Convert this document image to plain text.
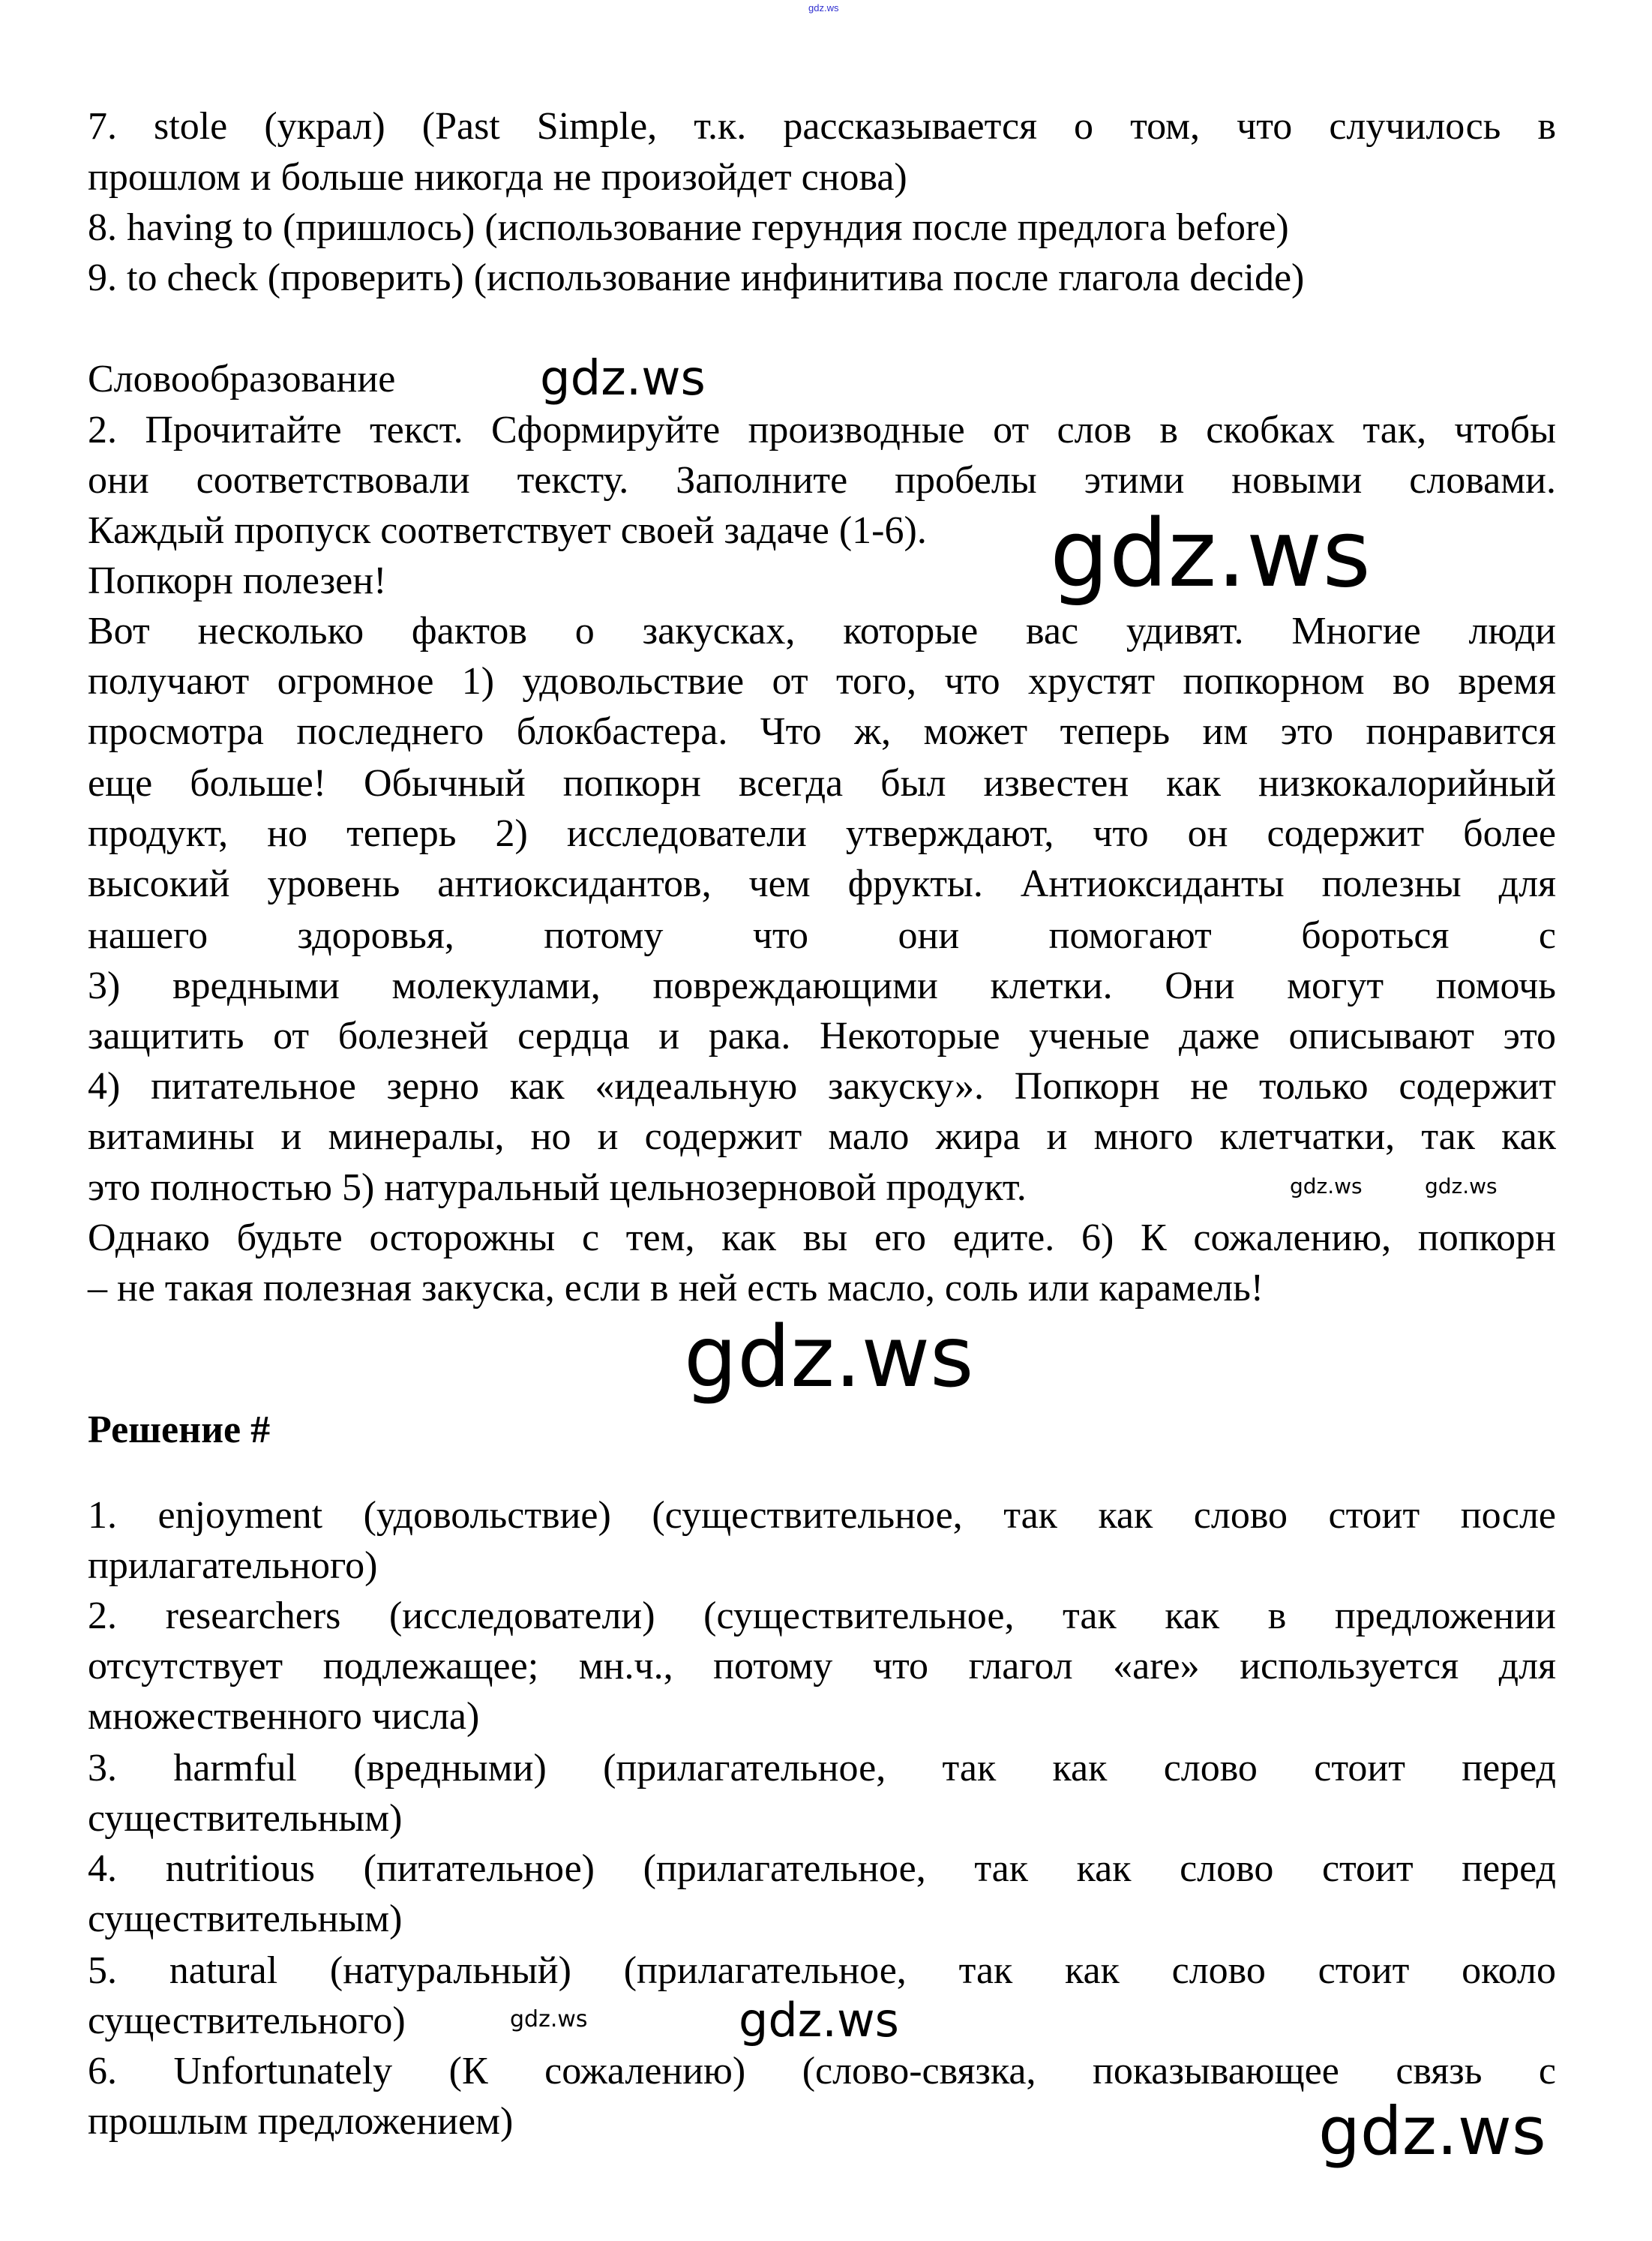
gdz.ws
7. stole (украл) (Past Simple, т.к. рассказывается о том, что случилось в
прошлом и больше никогда не произойдет снова)
8. having to (пришлось) (использование герундия после предлога before)
9. to check (проверить) (использование инфинитива после глагола decide)
Словообразование	gdz.ws
2. Прочитайте текст. Сформируйте производные от слов в скобках так, чтобы
они соответствовали тексту. Заполните пробелы этими новыми словами.
Каждый пропуск соответствует своей задаче (1-6). gdz.ws
Попкорн полезен!
Вот несколько фактов о закусках, которые вас удивят. Многие люди
получают огромное 1) удовольствие от того, что хрустят попкорном во время
просмотра последнего блокбастера. Что ж, может теперь им это понравится
еще больше! Обычный попкорн всегда был известен как низкокалорийный
продукт, но теперь 2) исследователи утверждают, что он содержит более
высокий уровень антиоксидантов, чем фрукты. Антиоксиданты полезны для
нашего здоровья, потому что они помогают бороться с
3) вредными молекулами, повреждающими клетки. Они могут помочь
защитить от болезней сердца и рака. Некоторые ученые даже описывают это
4) питательное зерно как «идеальную закуску». Попкорн не только содержит
витамины и минералы, но и содержит мало жира и много клетчатки, так как
это полностью 5) натуральный цельнозерновой продукт.	gdz.ws	gdz.ws
Однако будьте осторожны с тем, как вы его едите. 6) К сожалению, попкорн
– не такая полезная закуска, если в ней есть масло, соль или карамель!
gdz.ws
Решение #
1. enjoyment (удовольствие) (существительное, так как слово стоит после
прилагательного)
2. researchers (исследователи) (существительное, так как в предложении
отсутствует подлежащее; мн.ч., потому что глагол «are» используется для
множественного числа)
3. harmful (вредными) (прилагательное, так как слово стоит перед
существительным)
4. nutritious (питательное) (прилагательное, так как слово стоит перед
существительным)
5. natural (натуральный) (прилагательное, так как слово стоит около
существительного)	gdz.ws	gdz.ws
6. Unfortunately (К сожалению) (слово-связка, показывающее связь с
прошлым предложением)	gdz.ws
